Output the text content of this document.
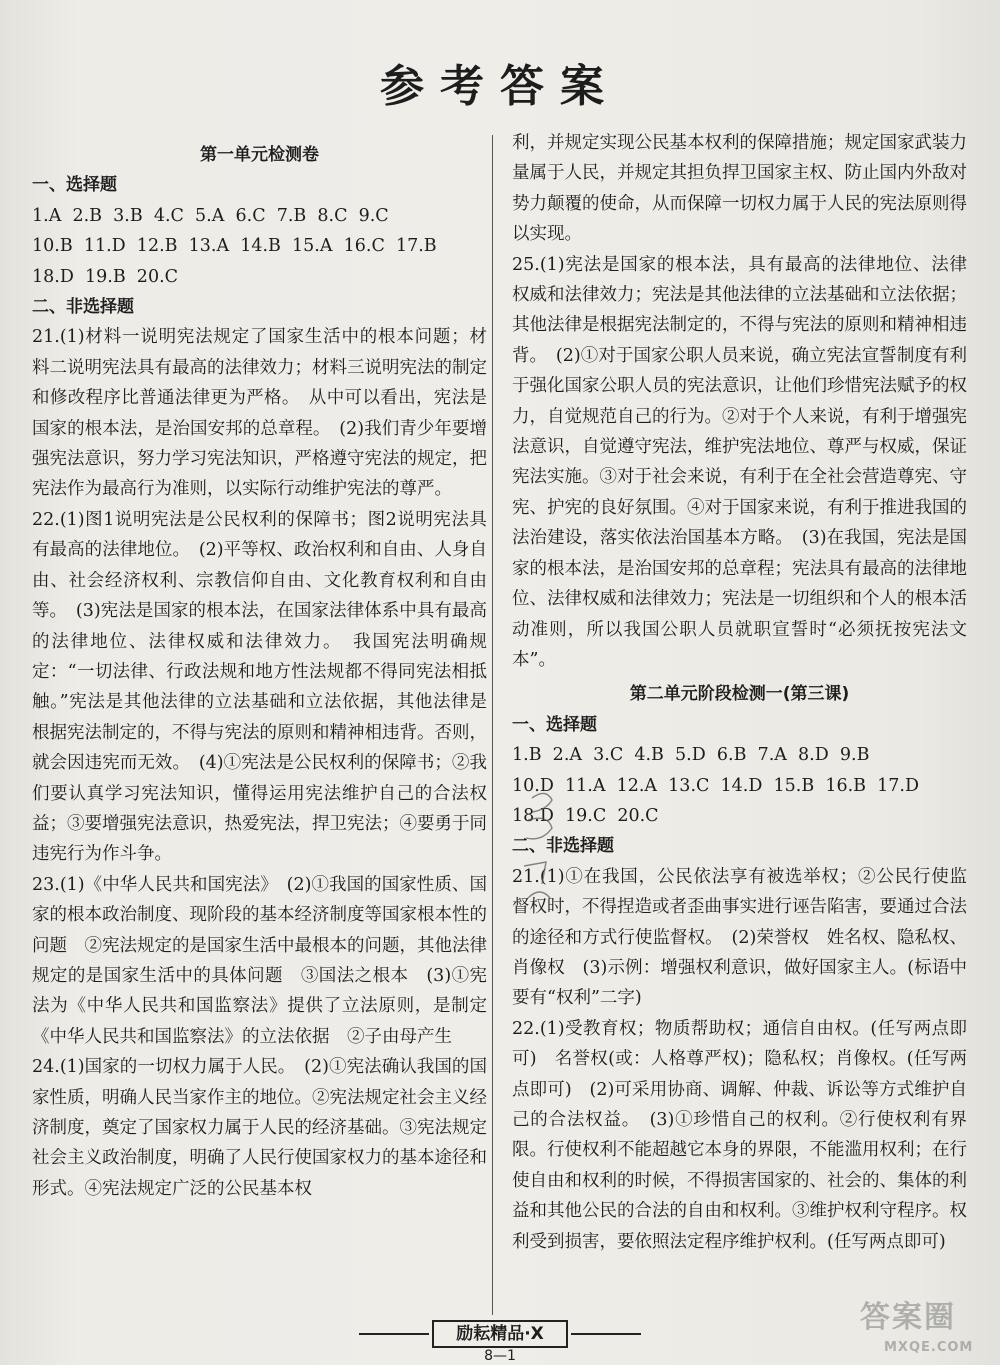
参考答案

第一单元检测卷

一、选择题

1.A  2.B  3.B  4.C  5.A  6.C  7.B  8.C  9.C

10.B  11.D  12.B  13.A  14.B  15.A  16.C  17.B

18.D  19.B  20.C

二、非选择题

21.(1)材料一说明宪法规定了国家生活中的根本问题；材料二说明宪法具有最高的法律效力；材料三说明宪法的制定和修改程序比普通法律更为严格。　从中可以看出，宪法是国家的根本法，是治国安邦的总章程。　(2)我们青少年要增强宪法意识，努力学习宪法知识，严格遵守宪法的规定，把宪法作为最高行为准则，以实际行动维护宪法的尊严。

22.(1)图1说明宪法是公民权利的保障书；图2说明宪法具有最高的法律地位。　(2)平等权、政治权利和自由、人身自由、社会经济权利、宗教信仰自由、文化教育权利和自由等。　(3)宪法是国家的根本法，在国家法律体系中具有最高的法律地位、法律权威和法律效力。　我国宪法明确规定：“一切法律、行政法规和地方性法规都不得同宪法相抵触。”宪法是其他法律的立法基础和立法依据，其他法律是根据宪法制定的，不得与宪法的原则和精神相违背。否则，就会因违宪而无效。　(4)①宪法是公民权利的保障书；②我们要认真学习宪法知识，懂得运用宪法维护自己的合法权益；③要增强宪法意识，热爱宪法，捍卫宪法；④要勇于同违宪行为作斗争。

23.(1)《中华人民共和国宪法》　(2)①我国的国家性质、国家的根本政治制度、现阶段的基本经济制度等国家根本性的问题　②宪法规定的是国家生活中最根本的问题，其他法律规定的是国家生活中的具体问题　③国法之根本　(3)①宪法为《中华人民共和国监察法》提供了立法原则，是制定《中华人民共和国监察法》的立法依据　②子由母产生

24.(1)国家的一切权力属于人民。　(2)①宪法确认我国的国家性质，明确人民当家作主的地位。②宪法规定社会主义经济制度，奠定了国家权力属于人民的经济基础。③宪法规定社会主义政治制度，明确了人民行使国家权力的基本途径和形式。④宪法规定广泛的公民基本权

利，并规定实现公民基本权利的保障措施；规定国家武装力量属于人民，并规定其担负捍卫国家主权、防止国内外敌对势力颠覆的使命，从而保障一切权力属于人民的宪法原则得以实现。

25.(1)宪法是国家的根本法，具有最高的法律地位、法律权威和法律效力；宪法是其他法律的立法基础和立法依据；其他法律是根据宪法制定的，不得与宪法的原则和精神相违背。　(2)①对于国家公职人员来说，确立宪法宣誓制度有利于强化国家公职人员的宪法意识，让他们珍惜宪法赋予的权力，自觉规范自己的行为。②对于个人来说，有利于增强宪法意识，自觉遵守宪法，维护宪法地位、尊严与权威，保证宪法实施。③对于社会来说，有利于在全社会营造尊宪、守宪、护宪的良好氛围。④对于国家来说，有利于推进我国的法治建设，落实依法治国基本方略。　(3)在我国，宪法是国家的根本法，是治国安邦的总章程；宪法具有最高的法律地位、法律权威和法律效力；宪法是一切组织和个人的根本活动准则，所以我国公职人员就职宣誓时“必须抚按宪法文本”。

第二单元阶段检测一(第三课)

一、选择题

1.B  2.A  3.C  4.B  5.D  6.B  7.A  8.D  9.B

10.D  11.A  12.A  13.C  14.D  15.B  16.B  17.D

18.D  19.C  20.C

二、非选择题

21.(1)①在我国，公民依法享有被选举权；②公民行使监督权时，不得捏造或者歪曲事实进行诬告陷害，要通过合法的途径和方式行使监督权。　(2)荣誉权　姓名权、隐私权、肖像权　(3)示例：增强权利意识，做好国家主人。(标语中要有“权利”二字)

22.(1)受教育权；物质帮助权；通信自由权。(任写两点即可)　名誉权(或：人格尊严权)；隐私权；肖像权。(任写两点即可)　(2)可采用协商、调解、仲裁、诉讼等方式维护自己的合法权益。　(3)①珍惜自己的权利。②行使权利有界限。行使权利不能超越它本身的界限，不能滥用权利；在行使自由和权利的时候，不得损害国家的、社会的、集体的利益和其他公民的合法的自由和权利。③维护权利守程序。权利受到损害，要依照法定程序维护权利。(任写两点即可)

励耘精品·X
8—1
答案圈
MXQE.COM
